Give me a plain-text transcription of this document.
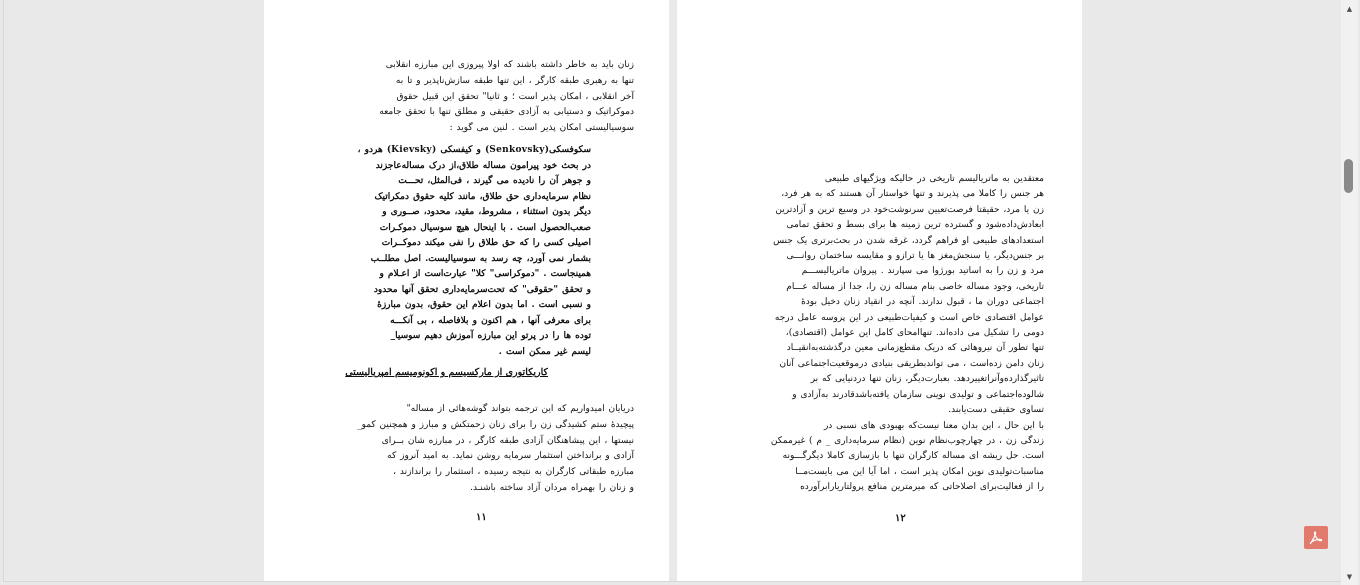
زنان باید به خاطر داشته باشند که اولا پیروزی این مبارزه انقلابی

تنها به رهبری طبقه کارگر ، این تنها طبقه سازش‌ناپذیر و تا به

آخر انقلابی ، امکان پذیر است ؛ و ثانیا" تحقق این قبیل حقوق

دموکراتیک و دستیابی به آزادی حقیقی و مطلق تنها با تحقق جامعه

سوسیالیستی امکان پذیر است . لنین می گوید :

سکوفسکی(Senkovsky) و کیفسکی (Kievsky) هردو ،

در بحث خود پیرامون مساله طلاق،از درک مساله‌عاجزند

و جوهر آن را نادیده می گیرند ، فی‌المثل، تحـــت

نظام سرمایه‌داری حق طلاق، مانند کلیه حقوق دمکراتیک

دیگر بدون استثناء ، مشروط، مقید، محدود، صــوری و

صعب‌الحصول است . با اینحال هیچ سوسیال دموکـرات

اصیلی کسی را که حق طلاق را نفی میکند دموکــرات

بشمار نمی آورد، چه رسد به سوسیالیست. اصل مطلــب

همینجاست . "دموکراسی" کلا" عبارت‌است از اعـلام و

و تحقق "حقوقی" که تحت‌سرمایه‌داری تحقق آنها محدود

و نسبی است . اما بدون اعلام این حقوق، بدون مبارزۀ

برای معرفی آنها ، هم اکنون و بلافاصله ، بی آنکـــه

توده ها را در پرتو این مبارزه آموزش دهیم سوسیا_

لیسم غیر ممکن است .

کاریکاتوری از مارکسیسم و اکونومیسم امپریالیستی

دریایان امیدواریم که این ترجمه بتواند گوشه‌هائی از مساله"

پیچیدۀ ستم کشیدگی زن را برای زنان زحمتکش و مبارز و همچنین کمو_

نیستها ، این پیشاهنگان آزادی طبقه کارگر ، در مبارزه شان بــرای

آزادی و برانداختن استثمار سرمایه روشن نماید. به امید آنروز که

مبارزه طبقاتی کارگران به نتیجه رسیده ، استثمار را براندازند ،

و زنان را بهمراه مردان آزاد ساخته باشنـد.

۱۱

معتقدین به ماتریالیسم تاریخی در حالیکه ویژگیهای طبیعی

هر جنس را کاملا می پذیرند و تنها خواستار آن هستند که به هر فرد،

زن یا مرد، حقیقتا فرصت‌تعیین سرنوشت‌خود در وسیع ترین و آزادترین

ابعادش‌داده‌شود و گسترده ترین زمینه ها برای بسط و تحقق تمامی

استعدادهای طبیعی او فراهم گردد، غرقه شدن در بحث‌برتری یک جنس

بر جنس‌دیگر، یا سنجش‌مغز ها یا ترازو و مقایسه ساختمان روانـــی

مرد و زن را به اساتید بورژوا می سپارند . پیروان ماتریالیســـم

تاریخی، وجود مساله خاصی بنام مساله زن را، جدا از مساله عـــام

اجتماعی دوران ما ، قبول ندارند. آنچه در انقیاد زنان دخیل بودۀ

عوامل اقتصادی خاص است و کیفیات‌طبیعی در این پروسه عامل درجه

دومی را تشکیل می داده‌اند. تنها‌امحای کامل این عوامل (اقتصادی)،

تنها تطور آن نیروهائی که دریک مقطع‌زمانی معین درگذشته‌به‌انقیــاد

زنان دامن زده‌است ، می تواند‌بطریقی بنیادی درموقعیت‌اجتماعی آنان

تاثیرگذارده‌وآنرا‌تغییردهد. بعبارت‌دیگر، زنان تنها دردنیایی که بر

شالوده‌اجتماعی و تولیدی نوینی سازمان یافته‌باشدقادرند به‌آزادی و

تساوی حقیقی دست‌یابند.

با این حال ، این بدان معنا نیست‌که بهبودی های نسبی در

زندگی زن ، در چهارچوب‌نظام نوین (نظام سرمایه‌داری _ م ) غیرممکن

است. حل ریشه ای مساله کارگران تنها با بازسازی کاملا دیگرگـــونه

مناسبات‌تولیدی نوین امکان پذیر است ، اما آیا این می بایست‌مــا

را از فعالیت‌برای اصلاحاتی که میرمترین منافع پرولتاریا‌رابرآورده

۱۲
▲
▼
